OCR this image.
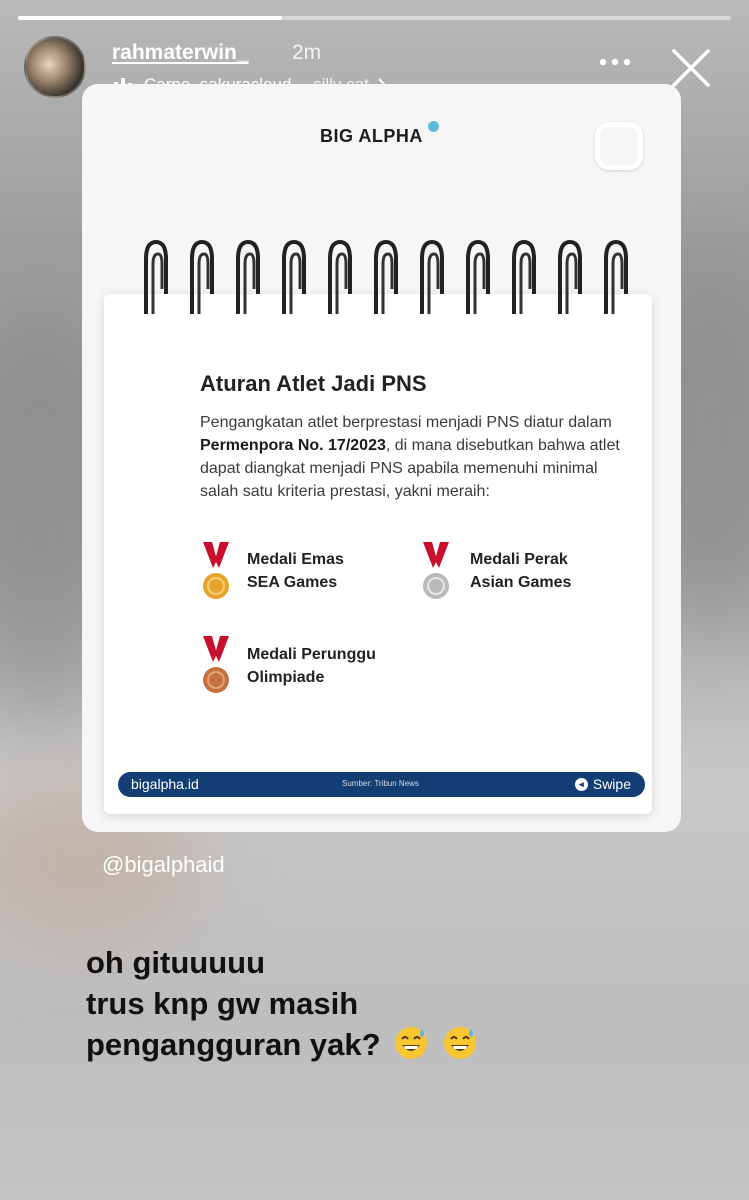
rahmaterwin_ 2m
BIG ALPHA
Aturan Atlet Jadi PNS

Pengangkatan atlet berprestasi menjadi PNS diatur dalam Permenpora No. 17/2023, di mana disebutkan bahwa atlet dapat diangkat menjadi PNS apabila memenuhi minimal salah satu kriteria prestasi, yakni meraih:

Medali Emas
SEA Games
Medali Perak
Asian Games
Medali Perunggu
Olimpiade
bigalpha.id	Sumber: Tribun News	◂ Swipe
@bigalphaid
oh gituuuuu
trus knp gw masih
pengangguran yak?
